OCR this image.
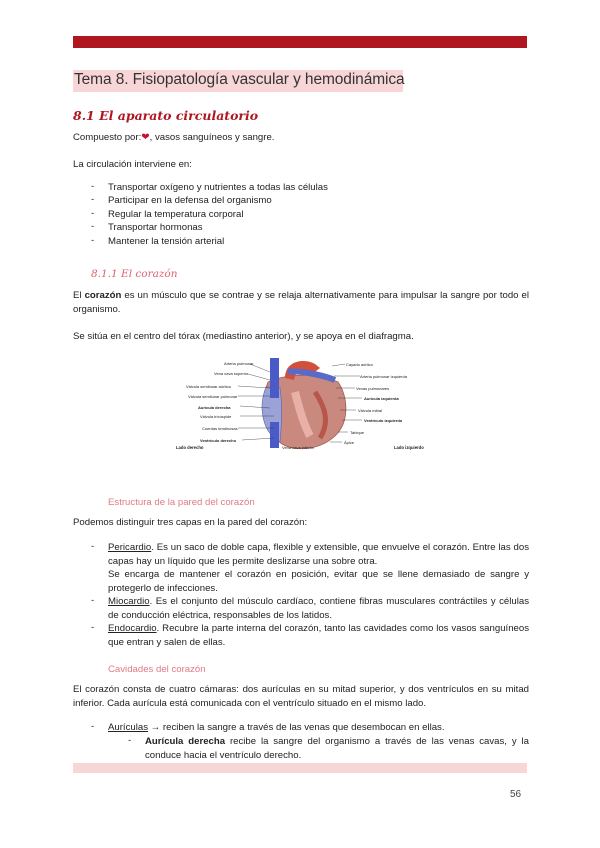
Tema 8. Fisiopatología vascular y hemodinámica
8.1 El aparato circulatorio
Compuesto por:❤, vasos sanguíneos y sangre.
La circulación interviene en:
- Transportar oxígeno y nutrientes a todas las células
- Participar en la defensa del organismo
- Regular la temperatura corporal
- Transportar hormonas
- Mantener la tensión arterial
8.1.1 El corazón
El corazón es un músculo que se contrae y se relaja alternativamente para impulsar la sangre por todo el organismo.
Se sitúa en el centro del tórax (mediastino anterior), y se apoya en el diafragma.
Arteria pulmonar	Cayado aórtico
Vena cava superior
Arteria pulmonar izquierda
Válvula semilunar aórtica	Venas pulmonares
Válvula semilunar pulmonar	Aurícula izquierda
Aurícula derecha
Válvula mitral
Válvula tricúspide
Ventrículo izquierdo
Cuerdas tendinosas
Tabique
Ventrículo derecho	Ápice
Vena cava inferior
Lado derecho	Lado izquierdo
Estructura de la pared del corazón
Podemos distinguir tres capas en la pared del corazón:
- Pericardio. Es un saco de doble capa, flexible y extensible, que envuelve el corazón. Entre las dos capas hay un líquido que les permite deslizarse una sobre otra.
Se encarga de mantener el corazón en posición, evitar que se llene demasiado de sangre y protegerlo de infecciones.
- Miocardio. Es el conjunto del músculo cardíaco, contiene fibras musculares contráctiles y células de conducción eléctrica, responsables de los latidos.
- Endocardio. Recubre la parte interna del corazón, tanto las cavidades como los vasos sanguíneos que entran y salen de ellas.
Cavidades del corazón
El corazón consta de cuatro cámaras: dos aurículas en su mitad superior, y dos ventrículos en su mitad inferior. Cada aurícula está comunicada con el ventrículo situado en el mismo lado.
- Aurículas → reciben la sangre a través de las venas que desembocan en ellas.
- Aurícula derecha recibe la sangre del organismo a través de las venas cavas, y la conduce hacia el ventrículo derecho.
56
